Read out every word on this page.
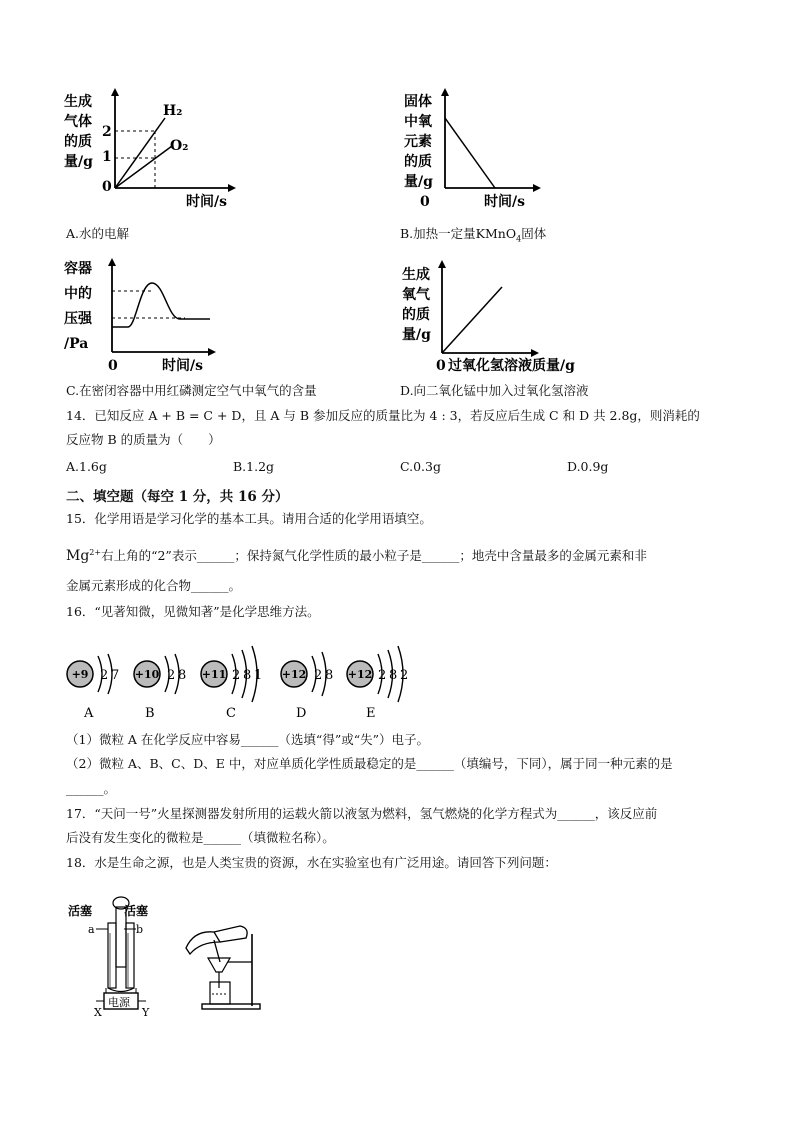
生成
气体
的质
量/g
2
1
0
H₂
O₂
时间/s
A.水的电解
固体
中氧
元素
的质
量/g
0	时间/s
B.加热一定量KMnO$_4$固体
容器
中的
压强
/Pa
0	时间/s
C.在密闭容器中用红磷测定空气中氧气的含量
生成
氧气
的质
量/g
0 过氧化氢溶液质量/g
D.向二氧化锰中加入过氧化氢溶液
14．已知反应 A + B = C + D，且 A 与 B 参加反应的质量比为 4 : 3，若反应后生成 C 和 D 共 2.8g，则消耗的
反应物 B 的质量为（　　）
A.1.6g	B.1.2g	C.0.3g	D.0.9g
二、填空题（每空 1 分，共 16 分）
15．化学用语是学习化学的基本工具。请用合适的化学用语填空。
$Mg^{2+}$右上角的“2”表示______；保持氮气化学性质的最小粒子是______；地壳中含量最多的金属元素和非
金属元素形成的化合物______。
16．“见著知微，见微知著”是化学思维方法。
+9 2 7
A
+10 2 8
B
+11 2 8 1
C
+12 2 8
D
+12 2 8 2
E
（1）微粒 A 在化学反应中容易______（选填“得”或“失”）电子。
（2）微粒 A、B、C、D、E 中，对应单质化学性质最稳定的是______（填编号，下同），属于同一种元素的是
______。
17．“天问一号”火星探测器发射所用的运载火箭以液氢为燃料，氢气燃烧的化学方程式为______，该反应前
后没有发生变化的微粒是______（填微粒名称）。
18．水是生命之源，也是人类宝贵的资源，水在实验室也有广泛用途。请回答下列问题：
活塞	活塞
a	b
电源
X	Y
